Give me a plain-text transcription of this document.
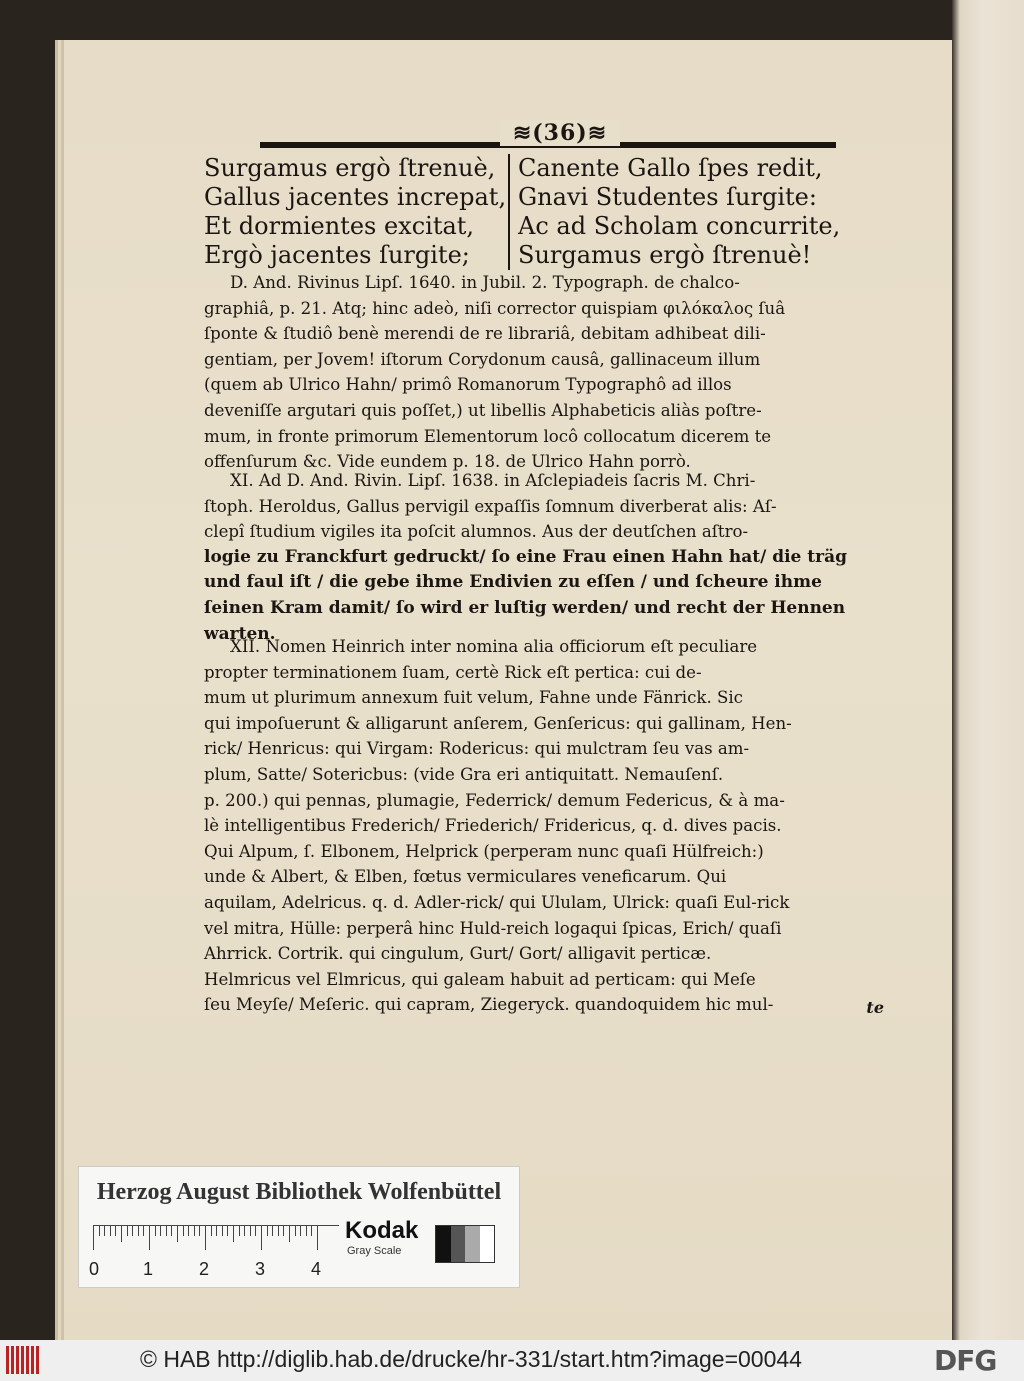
≋(36)≋
Surgamus ergò ſtrenuè,
Gallus jacentes increpat,
Et dormientes excitat,
Ergò jacentes ſurgite;
Canente Gallo ſpes redit,
Gnavi Studentes ſurgite:
Ac ad Scholam concurrite,
Surgamus ergò ſtrenuè!
D. And. Rivinus Lipſ. 1640. in Jubil. 2. Typograph. de chalco-
graphiâ, p. 21. Atq; hinc adeò, niſi corrector quispiam φιλόκαλος ſuâ
ſponte & ſtudiô benè merendi de re librariâ, debitam adhibeat dili-
gentiam, per Jovem! iſtorum Corydonum causâ, gallinaceum illum
(quem ab Ulrico Hahn/ primô Romanorum Typographô ad illos
deveniſſe argutari quis poſſet,) ut libellis Alphabeticis aliàs poſtre-
mum, in fronte primorum Elementorum locô collocatum dicerem te
offenſurum &c. Vide eundem p. 18. de Ulrico Hahn porrò.
XI. Ad D. And. Rivin. Lipſ. 1638. in Aſclepiadeis ſacris M. Chri-
ſtoph. Heroldus, Gallus pervigil expaſſis ſomnum diverberat alis: Aſ-
clepî ſtudium vigiles ita poſcit alumnos. Aus der deutſchen aſtro-
logie zu Franckfurt gedruckt/ ſo eine Frau einen Hahn hat/ die träg
und faul iſt / die gebe ihme Endivien zu eſſen / und ſcheure ihme
ſeinen Kram damit/ ſo wird er luſtig werden/ und recht der Hennen
warten.
XII. Nomen Heinrich inter nomina alia officiorum eſt peculiare
propter terminationem ſuam, certè Rick eſt pertica: cui de-
mum ut plurimum annexum fuit velum, Fahne unde Fänrick. Sic
qui impoſuerunt & alligarunt anſerem, Genſericus: qui gallinam, Hen-
rick/ Henricus: qui Virgam: Rodericus: qui mulctram ſeu vas am-
plum, Satte/ Sotericbus: (vide Gra eri antiquitatt. Nemauſenſ.
p. 200.) qui pennas, plumagie, Federrick/ demum Federicus, & à ma-
lè intelligentibus Frederich/ Friederich/ Fridericus, q. d. dives pacis.
Qui Alpum, ſ. Elbonem, Helprick (perperam nunc quaſi Hülfreich:)
unde & Albert, & Elben, fœtus vermiculares veneficarum. Qui
aquilam, Adelricus. q. d. Adler-rick/ qui Ululam, Ulrick: quaſi Eul-rick
vel mitra, Hülle: perperâ hinc Huld-reich logaqui ſpicas, Erich/ quaſi
Ahrrick. Cortrik. qui cingulum, Gurt/ Gort/ alligavit perticæ.
Helmricus vel Elmricus, qui galeam habuit ad perticam: qui Meſe
ſeu Meyſe/ Meſeric. qui capram, Ziegeryck. quandoquidem hic mul-	te
Herzog August Bibliothek Wolfenbüttel
0 1	2	3	4
Kodak
Gray Scale
© HAB http://diglib.hab.de/drucke/hr-331/start.htm?image=00044	DFG
